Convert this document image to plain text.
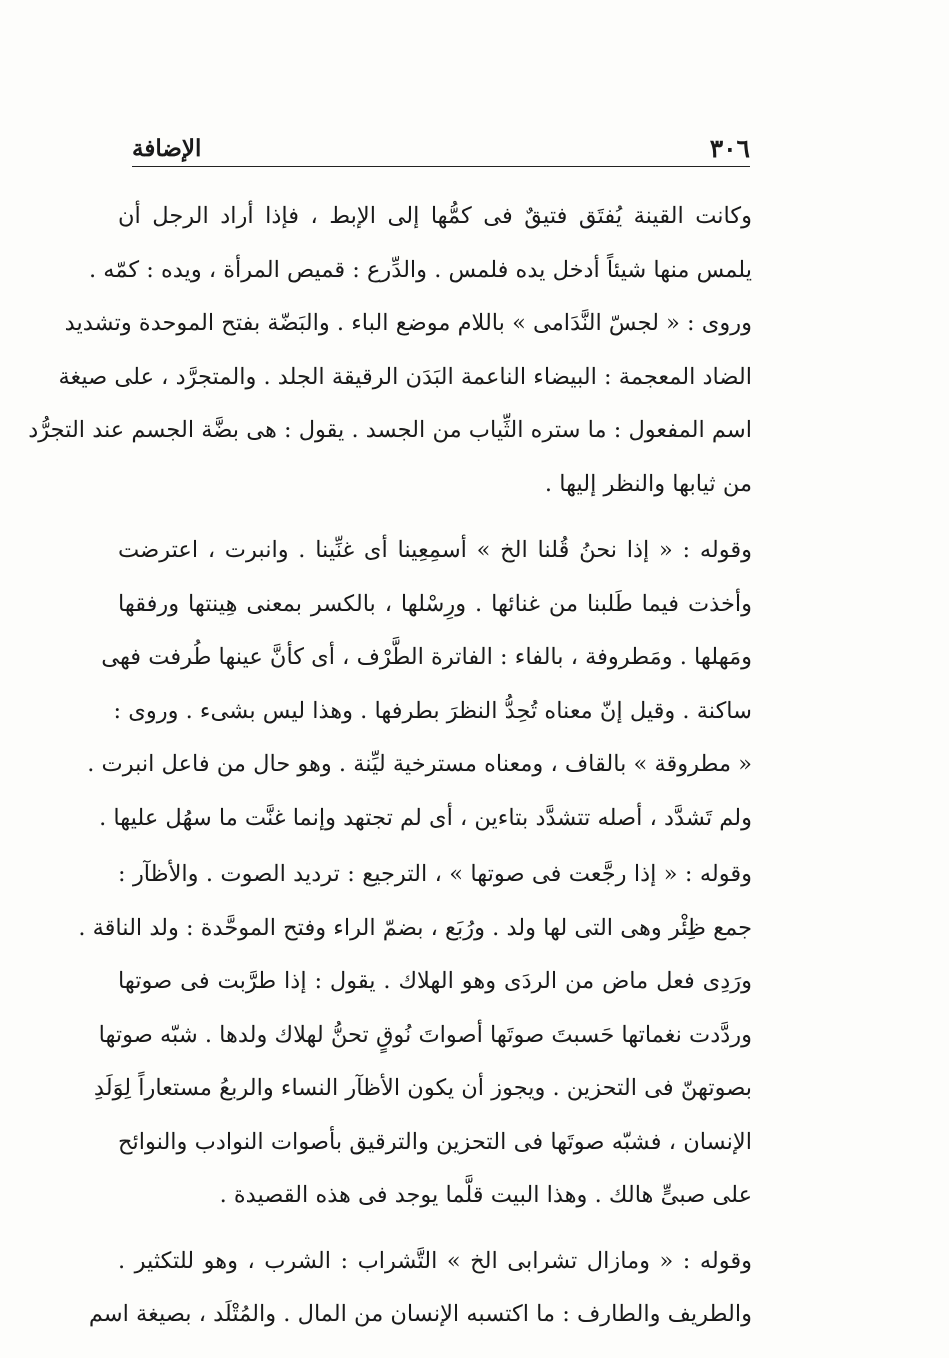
٣٠٦
الإضافة
وكانت القينة يُفتَق فتيقٌ فى كمُّها إلى الإبط ، فإذا أراد الرجل أن
يلمس منها شيئاً أدخل يده فلمس . والدِّرع : قميص المرأة ، ويده : كمّه .
وروى : « لجسّ النَّدَامى » باللام موضع الباء . والبَضّة بفتح الموحدة وتشديد
الضاد المعجمة : البيضاء الناعمة البَدَن الرقيقة الجلد . والمتجرَّد ، على صيغة
اسم المفعول : ما ستره الثِّياب من الجسد . يقول : هى بضَّة الجسم عند التجرُّد
من ثيابها والنظر إليها .
وقوله : « إذا نحنُ قُلنا الخ » أسمِعِينا أى غنِّينا . وانبرت ، اعترضت
وأخذت فيما طَلبنا من غنائها . ورِسْلها ، بالكسر بمعنى هِينتها ورفقها
ومَهلها . ومَطروفة ، بالفاء : الفاترة الطَّرْف ، أى كأنَّ عينها طُرفت فهى
ساكنة . وقيل إنّ معناه تُحِدُّ النظرَ بطرفها . وهذا ليس بشىء . وروى :
« مطروقة » بالقاف ، ومعناه مسترخية ليِّنة . وهو حال من فاعل انبرت .
ولم تَشدَّد ، أصله تتشدَّد بتاءين ، أى لم تجتهد وإنما غنَّت ما سهُل عليها .
وقوله : « إذا رجَّعت فى صوتها » ، الترجيع : ترديد الصوت . والأظآر :
جمع ظِئْر وهى التى لها ولد . ورُبَع ، بضمّ الراء وفتح الموحَّدة : ولد الناقة .
ورَدِى فعل ماض من الردَى وهو الهلاك . يقول : إذا طرَّبت فى صوتها
وردَّدت نغماتها حَسبتَ صوتَها أصواتَ نُوقٍ تحنُّ لهلاك ولدها . شبّه صوتها
بصوتهنّ فى التحزين . ويجوز أن يكون الأظآر النساء والربعُ مستعاراً لِوَلَدِ
الإنسان ، فشبّه صوتَها فى التحزين والترقيق بأصوات النوادب والنوائح
على صبىٍّ هالك . وهذا البيت قلَّما يوجد فى هذه القصيدة .
وقوله : « ومازال تشرابى الخ » التَّشراب : الشرب ، وهو للتكثير .
والطريف والطارف : ما اكتسبه الإنسان من المال . والمُتْلَد ، بصيغة اسم
